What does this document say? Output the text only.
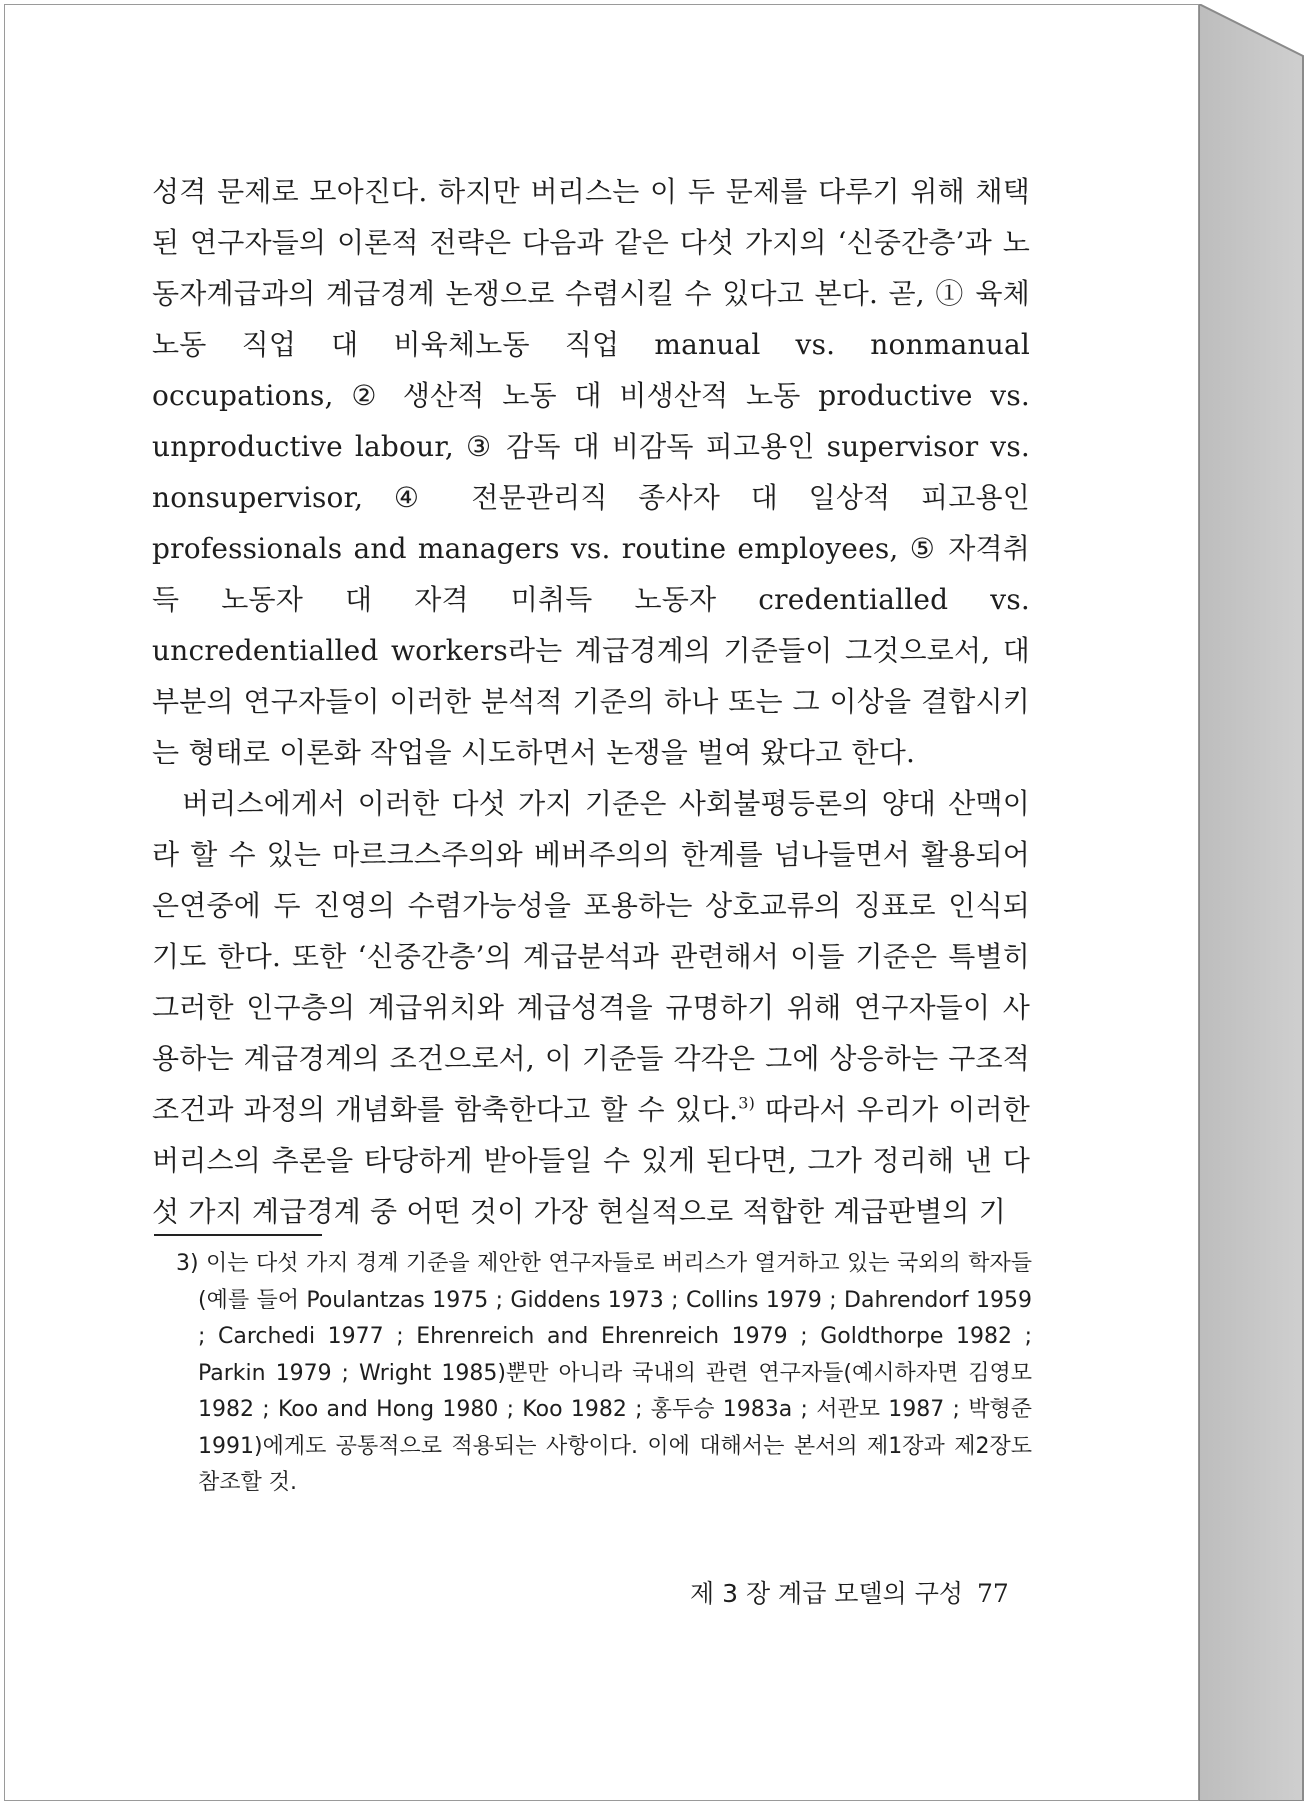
성격 문제로 모아진다. 하지만 버리스는 이 두 문제를 다루기 위해 채택된 연구자들의 이론적 전략은 다음과 같은 다섯 가지의 ‘신중간층’과 노동자계급과의 계급경계 논쟁으로 수렴시킬 수 있다고 본다. 곧, ① 육체노동 직업 대 비육체노동 직업 manual vs. nonmanual occupations, ② 생산적 노동 대 비생산적 노동 productive vs. unproductive labour, ③ 감독 대 비감독 피고용인 supervisor vs. nonsupervisor, ④ 전문관리직 종사자 대 일상적 피고용인 professionals and managers vs. routine employees, ⑤ 자격취득 노동자 대 자격 미취득 노동자 credentialled vs. uncredentialled workers라는 계급경계의 기준들이 그것으로서, 대부분의 연구자들이 이러한 분석적 기준의 하나 또는 그 이상을 결합시키는 형태로 이론화 작업을 시도하면서 논쟁을 벌여 왔다고 한다.

버리스에게서 이러한 다섯 가지 기준은 사회불평등론의 양대 산맥이라 할 수 있는 마르크스주의와 베버주의의 한계를 넘나들면서 활용되어 은연중에 두 진영의 수렴가능성을 포용하는 상호교류의 징표로 인식되기도 한다. 또한 ‘신중간층’의 계급분석과 관련해서 이들 기준은 특별히 그러한 인구층의 계급위치와 계급성격을 규명하기 위해 연구자들이 사용하는 계급경계의 조건으로서, 이 기준들 각각은 그에 상응하는 구조적 조건과 과정의 개념화를 함축한다고 할 수 있다.$^{3)}$ 따라서 우리가 이러한 버리스의 추론을 타당하게 받아들일 수 있게 된다면, 그가 정리해 낸 다섯 가지 계급경계 중 어떤 것이 가장 현실적으로 적합한 계급판별의 기

3) 이는 다섯 가지 경계 기준을 제안한 연구자들로 버리스가 열거하고 있는 국외의 학자들(예를 들어 Poulantzas 1975 ; Giddens 1973 ; Collins 1979 ; Dahrendorf 1959 ; Carchedi 1977 ; Ehrenreich and Ehrenreich 1979 ; Goldthorpe 1982 ; Parkin 1979 ; Wright 1985)뿐만 아니라 국내의 관련 연구자들(예시하자면 김영모 1982 ; Koo and Hong 1980 ; Koo 1982 ; 홍두승 1983a ; 서관모 1987 ; 박형준 1991)에게도 공통적으로 적용되는 사항이다. 이에 대해서는 본서의 제1장과 제2장도 참조할 것.

제 3 장 계급 모델의 구성 77
